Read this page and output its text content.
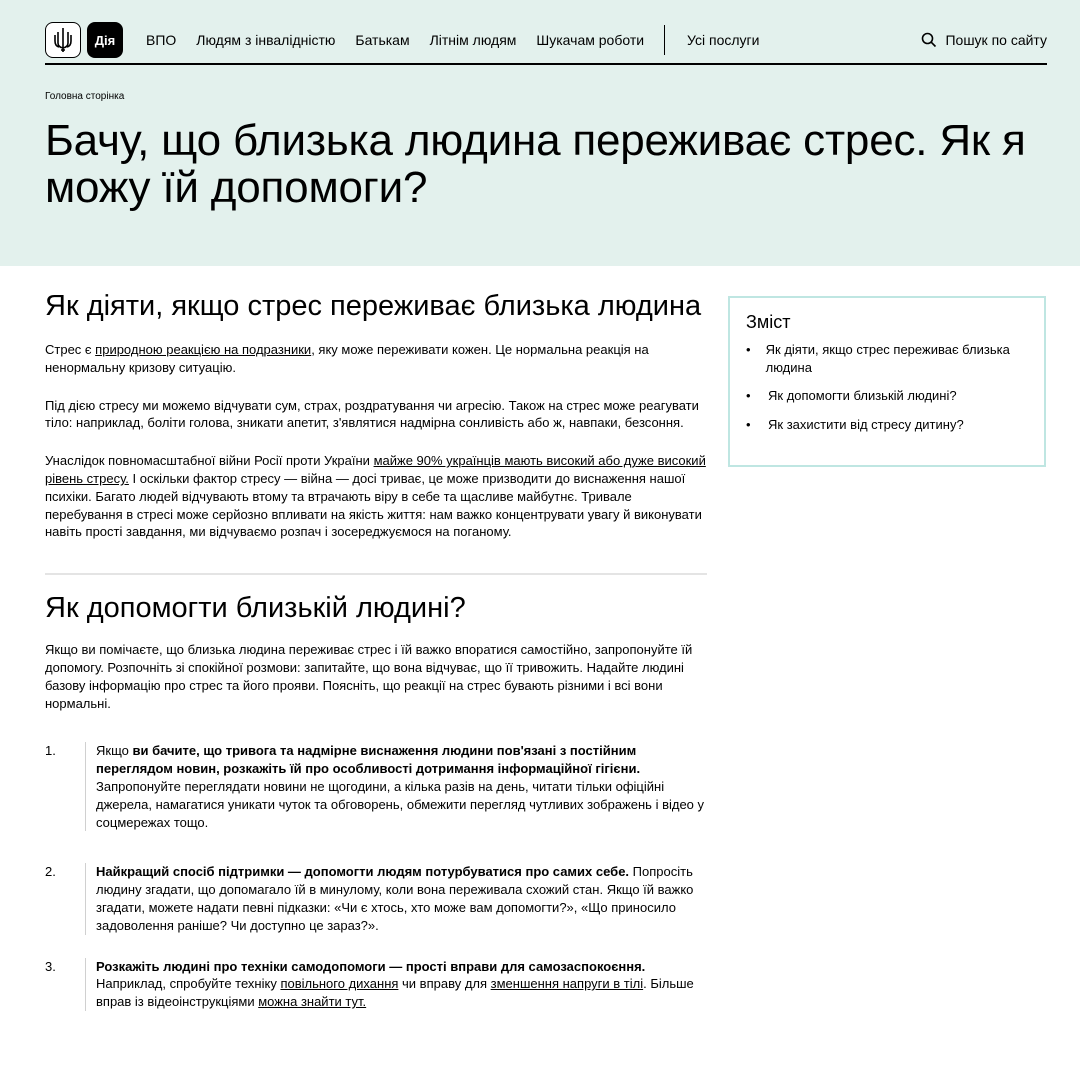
Дія	ВПО Людям з інвалідністю Батькам Літнім людям Шукачам роботи	Усі послуги	Пошук по сайту
Головна сторінка
Бачу, що близька людина переживає стрес. Як я можу їй допомоги?
Як діяти, якщо стрес переживає близька людина

Стрес є природною реакцією на подразники, яку може переживати кожен. Це нормальна реакція на ненормальну кризову ситуацію.

Під дією стресу ми можемо відчувати сум, страх, роздратування чи агресію. Також на стрес може реагувати тіло: наприклад, боліти голова, зникати апетит, з'являтися надмірна сонливість або ж, навпаки, безсоння.

Унаслідок повномасштабної війни Росії проти України майже 90% українців мають високий або дуже високий рівень стресу. І оскільки фактор стресу — війна — досі триває, це може призводити до виснаження нашої психіки. Багато людей відчувають втому та втрачають віру в себе та щасливе майбутнє. Тривале перебування в стресі може серйозно впливати на якість життя: нам важко концентрувати увагу й виконувати навіть прості завдання, ми відчуваємо розпач і зосереджуємося на поганому.

Як допомогти близькій людині?

Якщо ви помічаєте, що близька людина переживає стрес і їй важко впоратися самостійно, запропонуйте їй допомогу. Розпочніть зі спокійної розмови: запитайте, що вона відчуває, що її тривожить. Надайте людині базову інформацію про стрес та його прояви. Поясніть, що реакції на стрес бувають різними і всі вони нормальні.

1.	Якщо ви бачите, що тривога та надмірне виснаження людини пов'язані з постійним переглядом новин, розкажіть їй про особливості дотримання інформаційної гігієни. Запропонуйте переглядати новини не щогодини, а кілька разів на день, читати тільки офіційні джерела, намагатися уникати чуток та обговорень, обмежити перегляд чутливих зображень і відео у соцмережах тощо.
2.	Найкращий спосіб підтримки — допомогти людям потурбуватися про самих себе. Попросіть людину згадати, що допомагало їй в минулому, коли вона переживала схожий стан. Якщо їй важко згадати, можете надати певні підказки: «Чи є хтось, хто може вам допомогти?», «Що приносило задоволення раніше? Чи доступно це зараз?».
3.	Розкажіть людині про техніки самодопомоги — прості вправи для самозаспокоєння. Наприклад, спробуйте техніку повільного дихання чи вправу для зменшення напруги в тілі. Більше вправ із відеоінструкціями можна знайти тут.
Зміст
•	Як діяти, якщо стрес переживає близька людина
•	Як допомогти близькій людині?
•	Як захистити від стресу дитину?
